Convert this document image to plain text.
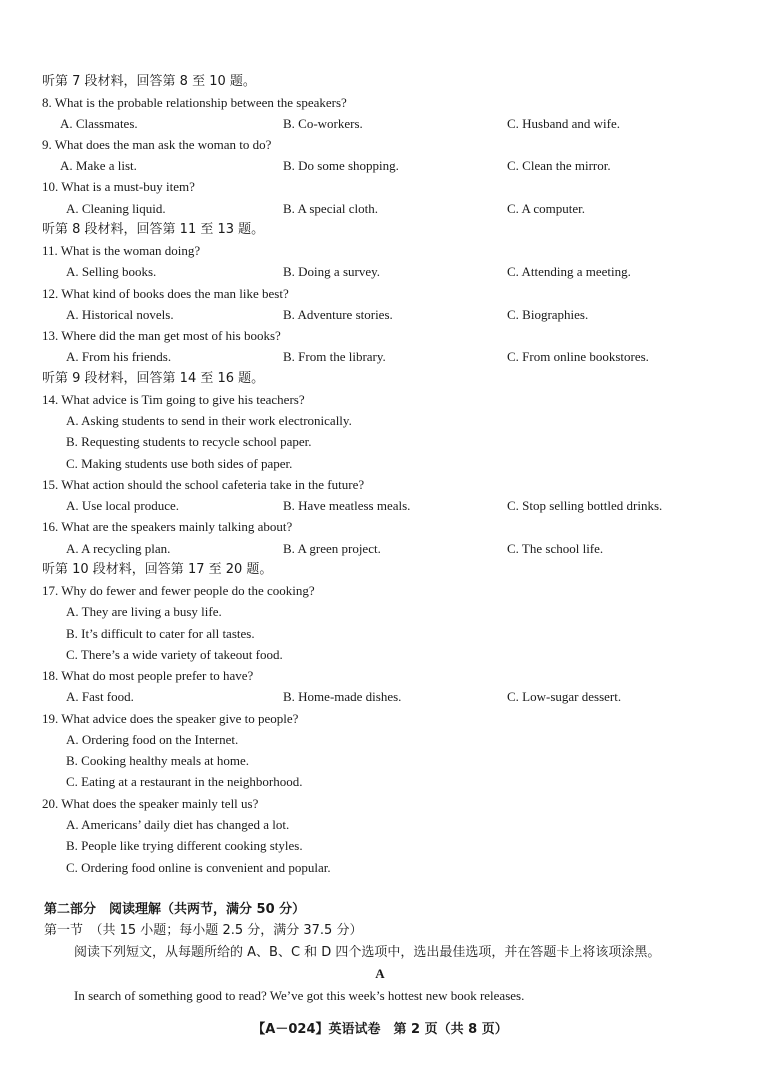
听第 7 段材料，回答第 8 至 10 题。
8. What is the probable relationship between the speakers?
A. Classmates.	B. Co-workers.	C. Husband and wife.
9. What does the man ask the woman to do?
A. Make a list.	B. Do some shopping.	C. Clean the mirror.
10. What is a must-buy item?
A. Cleaning liquid.	B. A special cloth.	C. A computer.
听第 8 段材料，回答第 11 至 13 题。
11. What is the woman doing?
A. Selling books.	B. Doing a survey.	C. Attending a meeting.
12. What kind of books does the man like best?
A. Historical novels.	B. Adventure stories.	C. Biographies.
13. Where did the man get most of his books?
A. From his friends.	B. From the library.	C. From online bookstores.
听第 9 段材料，回答第 14 至 16 题。
14. What advice is Tim going to give his teachers?
A. Asking students to send in their work electronically.
B. Requesting students to recycle school paper.
C. Making students use both sides of paper.
15. What action should the school cafeteria take in the future?
A. Use local produce.	B. Have meatless meals.	C. Stop selling bottled drinks.
16. What are the speakers mainly talking about?
A. A recycling plan.	B. A green project.	C. The school life.
听第 10 段材料，回答第 17 至 20 题。
17. Why do fewer and fewer people do the cooking?
A. They are living a busy life.
B. It’s difficult to cater for all tastes.
C. There’s a wide variety of takeout food.
18. What do most people prefer to have?
A. Fast food.	B. Home-made dishes.	C. Low-sugar dessert.
19. What advice does the speaker give to people?
A. Ordering food on the Internet.
B. Cooking healthy meals at home.
C. Eating at a restaurant in the neighborhood.
20. What does the speaker mainly tell us?
A. Americans’ daily diet has changed a lot.
B. People like trying different cooking styles.
C. Ordering food online is convenient and popular.
第二部分　阅读理解（共两节，满分 50 分）
第一节　（共 15 小题；每小题 2.5 分，满分 37.5 分）
阅读下列短文，从每题所给的 A、B、C 和 D 四个选项中，选出最佳选项，并在答题卡上将该项涂黑。
A
In search of something good to read? We’ve got this week’s hottest new book releases.
【A－024】英语试卷　第 2 页（共 8 页）
